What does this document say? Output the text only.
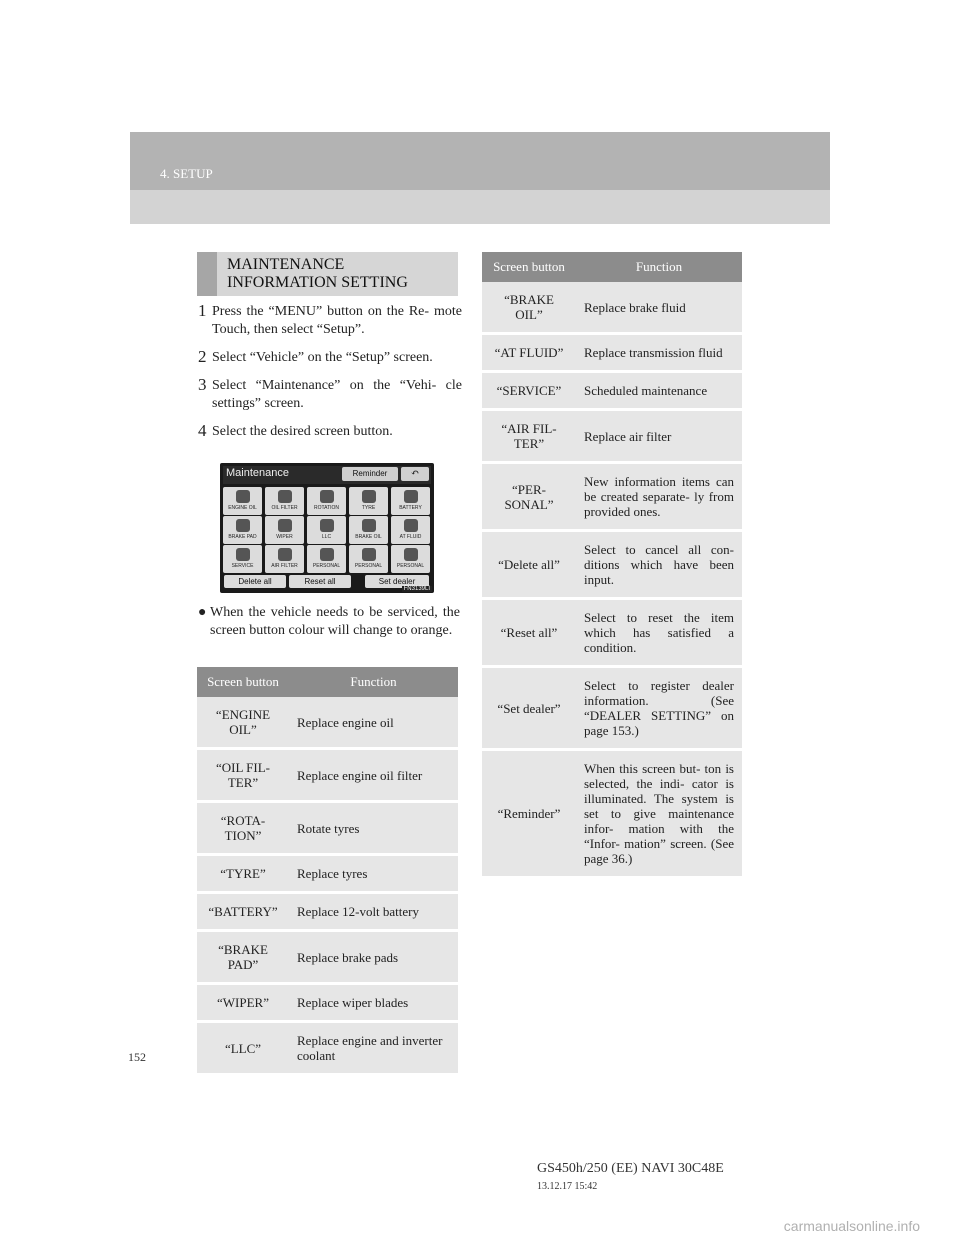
4. SETUP
MAINTENANCE
INFORMATION SETTING
1 Press the “MENU” button on the Re- mote Touch, then select “Setup”.
2 Select “Vehicle” on the “Setup” screen.
3 Select “Maintenance” on the “Vehi- cle settings” screen.
4 Select the desired screen button.
Maintenance	Reminder	↶
ENGINE OIL	OIL FILTER	ROTATION	TYRE	BATTERY
BRAKE PAD	WIPER	LLC	BRAKE OIL	AT FLUID
SERVICE	AIR FILTER	PERSONAL	PERSONAL	PERSONAL
Delete all	Reset all	Set dealer
FN3139LI
● When the vehicle needs to be serviced, the screen button colour will change to orange.
Screen button	Function
“ENGINE OIL”	Replace engine oil
“OIL FIL- TER”	Replace engine oil filter
“ROTA- TION”	Rotate tyres
“TYRE”	Replace tyres
“BATTERY”	Replace 12-volt battery
“BRAKE PAD”	Replace brake pads
“WIPER”	Replace wiper blades
“LLC”	Replace engine and inverter coolant
Screen button	Function
“BRAKE OIL”	Replace brake fluid
“AT FLUID”	Replace transmission fluid
“SERVICE”	Scheduled maintenance
“AIR FIL- TER”	Replace air filter
“PER- SONAL”	New information items can be created separate- ly from provided ones.
“Delete all”	Select to cancel all con- ditions which have been input.
“Reset all”	Select to reset the item which has satisfied a condition.
“Set dealer”	Select to register dealer information. (See “DEALER SETTING” on page 153.)
“Reminder”	When this screen but- ton is selected, the indi- cator is illuminated. The system is set to give maintenance infor- mation with the “Infor- mation” screen. (See page 36.)
152
GS450h/250 (EE) NAVI 30C48E
13.12.17 15:42
carmanualsonline.info
